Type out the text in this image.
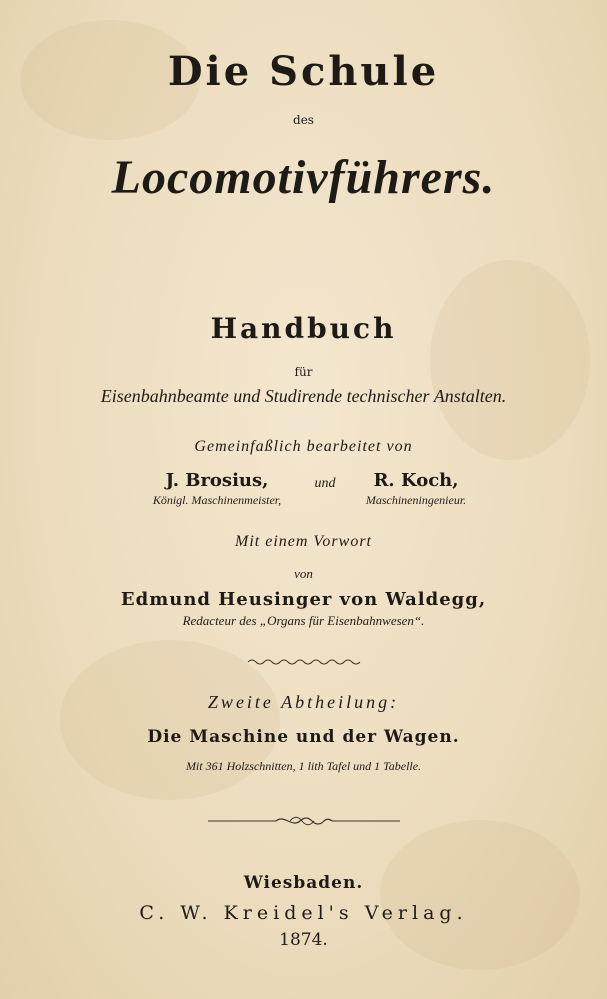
Die Schule
des
Locomotivführers.
Handbuch
für
Eisenbahnbeamte und Studirende technischer Anstalten.
Gemeinfaßlich bearbeitet von
J. Brosius,
Königl. Maschinenmeister,
und	R. Koch,
Maschineningenieur.
Mit einem Vorwort
von
Edmund Heusinger von Waldegg,
Redacteur des „Organs für Eisenbahnwesen“.
Zweite Abtheilung:
Die Maschine und der Wagen.
Mit 361 Holzschnitten, 1 lith Tafel und 1 Tabelle.
Wiesbaden.
C. W. Kreidel's Verlag.
1874.
